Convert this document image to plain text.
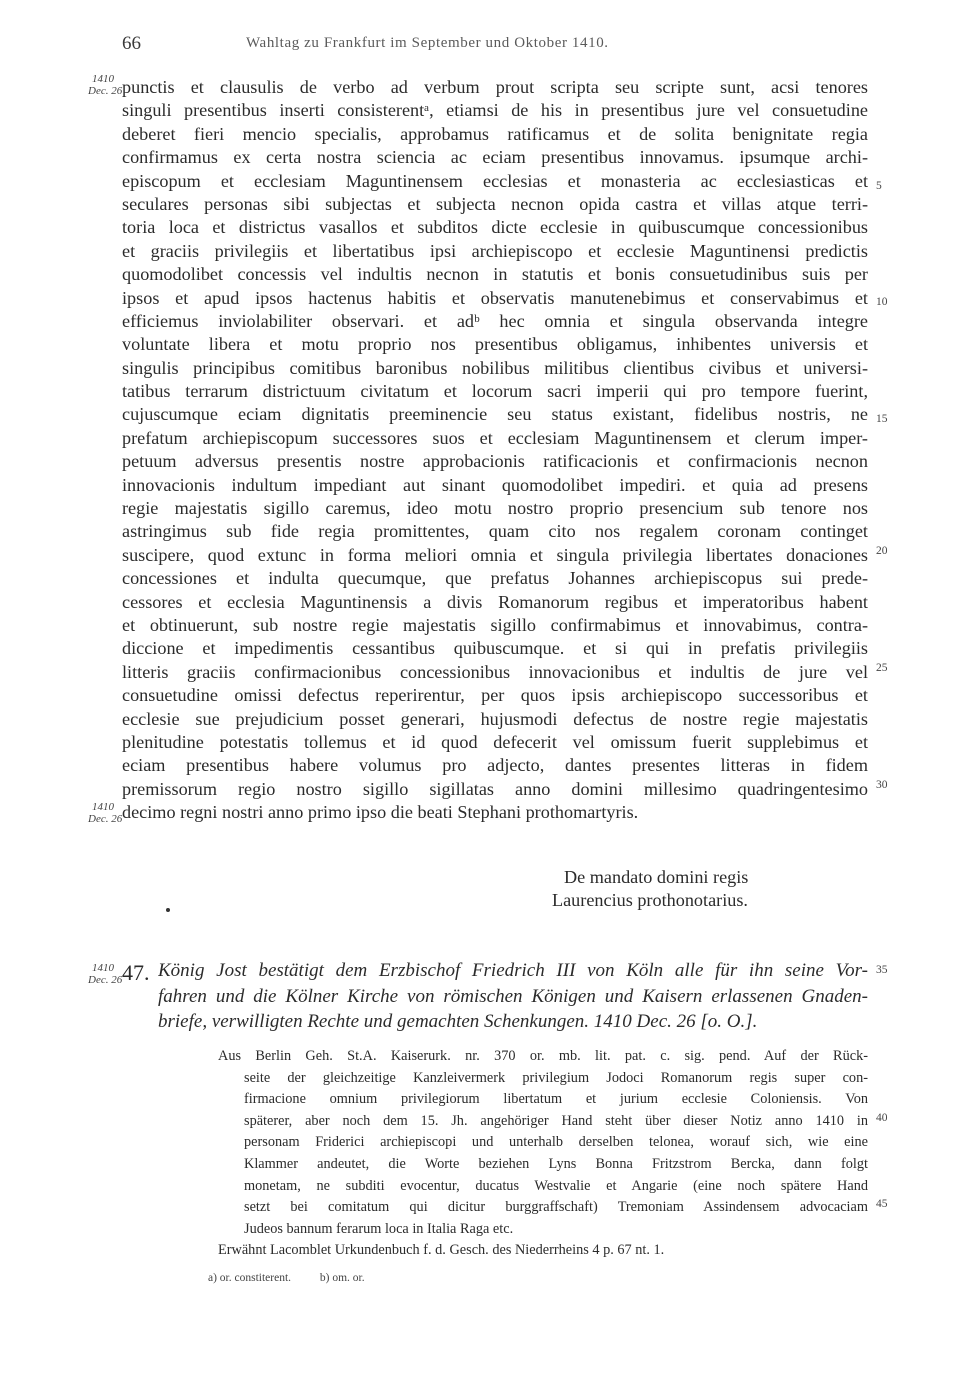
66	Wahltag zu Frankfurt im September und Oktober 1410.
1410
Dec. 26
1410
Dec. 26
1410
Dec. 26
5
10
15
20
25
30
35
40
45
punctis et clausulis de verbo ad verbum prout scripta seu scripte sunt, acsi tenores
singuli presentibus inserti consisterentᵃ, etiamsi de his in presentibus jure vel consuetudine
deberet fieri mencio specialis, approbamus ratificamus et de solita benignitate regia
confirmamus ex certa nostra sciencia ac eciam presentibus innovamus. ipsumque archi-
episcopum et ecclesiam Maguntinensem ecclesias et monasteria ac ecclesiasticas et
seculares personas sibi subjectas et subjecta necnon opida castra et villas atque terri-
toria loca et districtus vasallos et subditos dicte ecclesie in quibuscumque concessionibus
et graciis privilegiis et libertatibus ipsi archiepiscopo et ecclesie Maguntinensi predictis
quomodolibet concessis vel indultis necnon in statutis et bonis consuetudinibus suis per
ipsos et apud ipsos hactenus habitis et observatis manutenebimus et conservabimus et
efficiemus inviolabiliter observari. et adᵇ hec omnia et singula observanda integre
voluntate libera et motu proprio nos presentibus obligamus, inhibentes universis et
singulis principibus comitibus baronibus nobilibus militibus clientibus civibus et universi-
tatibus terrarum districtuum civitatum et locorum sacri imperii qui pro tempore fuerint,
cujuscumque eciam dignitatis preeminencie seu status existant, fidelibus nostris, ne
prefatum archiepiscopum successores suos et ecclesiam Maguntinensem et clerum imper-
petuum adversus presentis nostre approbacionis ratificacionis et confirmacionis necnon
innovacionis indultum impediant aut sinant quomodolibet impediri. et quia ad presens
regie majestatis sigillo caremus, ideo motu nostro proprio presencium sub tenore nos
astringimus sub fide regia promittentes, quam cito nos regalem coronam continget
suscipere, quod extunc in forma meliori omnia et singula privilegia libertates donaciones
concessiones et indulta quecumque, que prefatus Johannes archiepiscopus sui prede-
cessores et ecclesia Maguntinensis a divis Romanorum regibus et imperatoribus habent
et obtinuerunt, sub nostre regie majestatis sigillo confirmabimus et innovabimus, contra-
diccione et impedimentis cessantibus quibuscumque. et si qui in prefatis privilegiis
litteris graciis confirmacionibus concessionibus innovacionibus et indultis de jure vel
consuetudine omissi defectus reperirentur, per quos ipsis archiepiscopo successoribus et
ecclesie sue prejudicium posset generari, hujusmodi defectus de nostre regie majestatis
plenitudine potestatis tollemus et id quod defecerit vel omissum fuerit supplebimus et
eciam presentibus habere volumus pro adjecto, dantes presentes litteras in fidem
premissorum regio nostro sigillo sigillatas anno domini millesimo quadringentesimo
decimo regni nostri anno primo ipso die beati Stephani prothomartyris.
De mandato domini regis
Laurencius prothonotarius.
47. König Jost bestätigt dem Erzbischof Friedrich III von Köln alle für ihn seine Vor-
fahren und die Kölner Kirche von römischen Königen und Kaisern erlassenen Gnaden-
briefe, verwilligten Rechte und gemachten Schenkungen. 1410 Dec. 26 [o. O.].
Aus Berlin Geh. St.A. Kaiserurk. nr. 370 or. mb. lit. pat. c. sig. pend. Auf der Rück-
seite der gleichzeitige Kanzleivermerk privilegium Jodoci Romanorum regis super con-
firmacione omnium privilegiorum libertatum et jurium ecclesie Coloniensis. Von
späterer, aber noch dem 15. Jh. angehöriger Hand steht über dieser Notiz anno 1410 in
personam Friderici archiepiscopi und unterhalb derselben telonea, worauf sich, wie eine
Klammer andeutet, die Worte beziehen Lyns Bonna Fritzstrom Bercka, dann folgt
monetam, ne subditi evocentur, ducatus Westvalie et Angarie (eine noch spätere Hand
setzt bei comitatum qui dicitur burggraffschaft) Tremoniam Assindensem advocaciam
Judeos bannum ferarum loca in Italia Raga etc.
Erwähnt Lacomblet Urkundenbuch f. d. Gesch. des Niederrheins 4 p. 67 nt. 1.
a) or. constiterent.	b) om. or.
